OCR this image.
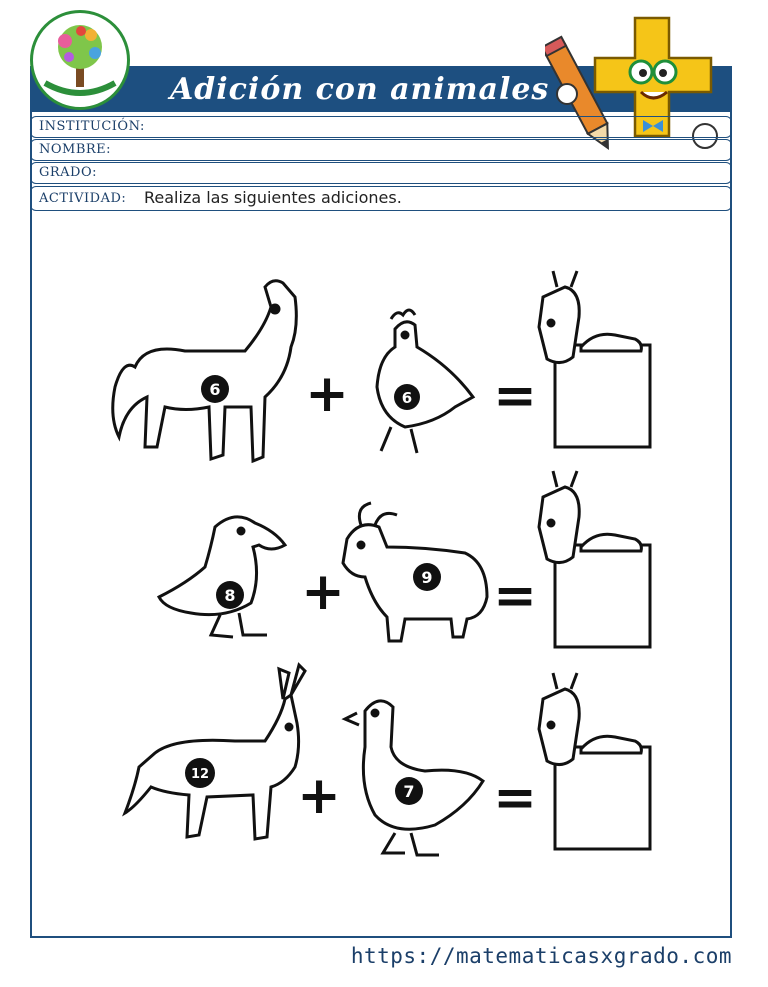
Adición con animales
INSTITUCIÓN:
NOMBRE:
GRADO:
ACTIVIDAD: Realiza las siguientes adiciones.
6 +	6 =
8 +	9 =
12 +	7 =
https://matematicasxgrado.com
